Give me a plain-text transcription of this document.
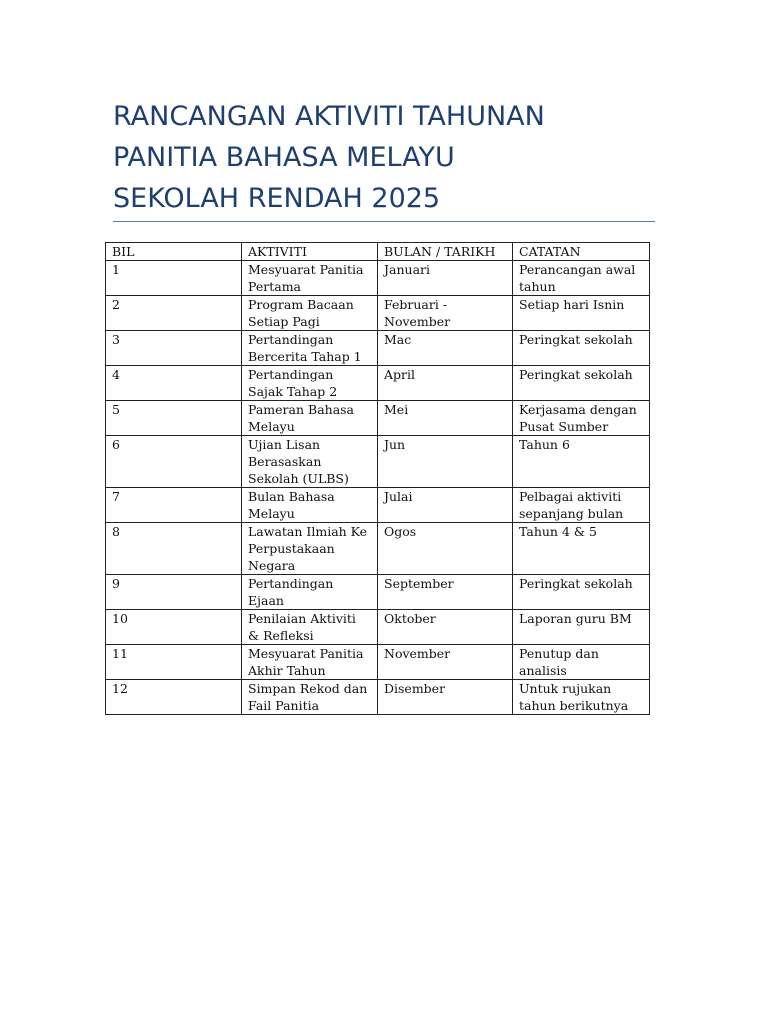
RANCANGAN AKTIVITI TAHUNAN
PANITIA BAHASA MELAYU
SEKOLAH RENDAH 2025
BIL	AKTIVITI	BULAN / TARIKH	CATATAN
1	Mesyuarat Panitia Pertama	Januari	Perancangan awal tahun
2	Program Bacaan Setiap Pagi	Februari - November	Setiap hari Isnin
3	Pertandingan Bercerita Tahap 1	Mac	Peringkat sekolah
4	Pertandingan Sajak Tahap 2	April	Peringkat sekolah
5	Pameran Bahasa Melayu	Mei	Kerjasama dengan Pusat Sumber
6	Ujian Lisan Berasaskan Sekolah (ULBS)	Jun	Tahun 6
7	Bulan Bahasa Melayu	Julai	Pelbagai aktiviti sepanjang bulan
8	Lawatan Ilmiah Ke Perpustakaan Negara	Ogos	Tahun 4 & 5
9	Pertandingan Ejaan	September	Peringkat sekolah
10	Penilaian Aktiviti & Refleksi	Oktober	Laporan guru BM
11	Mesyuarat Panitia Akhir Tahun	November	Penutup dan analisis
12	Simpan Rekod dan Fail Panitia	Disember	Untuk rujukan tahun berikutnya
